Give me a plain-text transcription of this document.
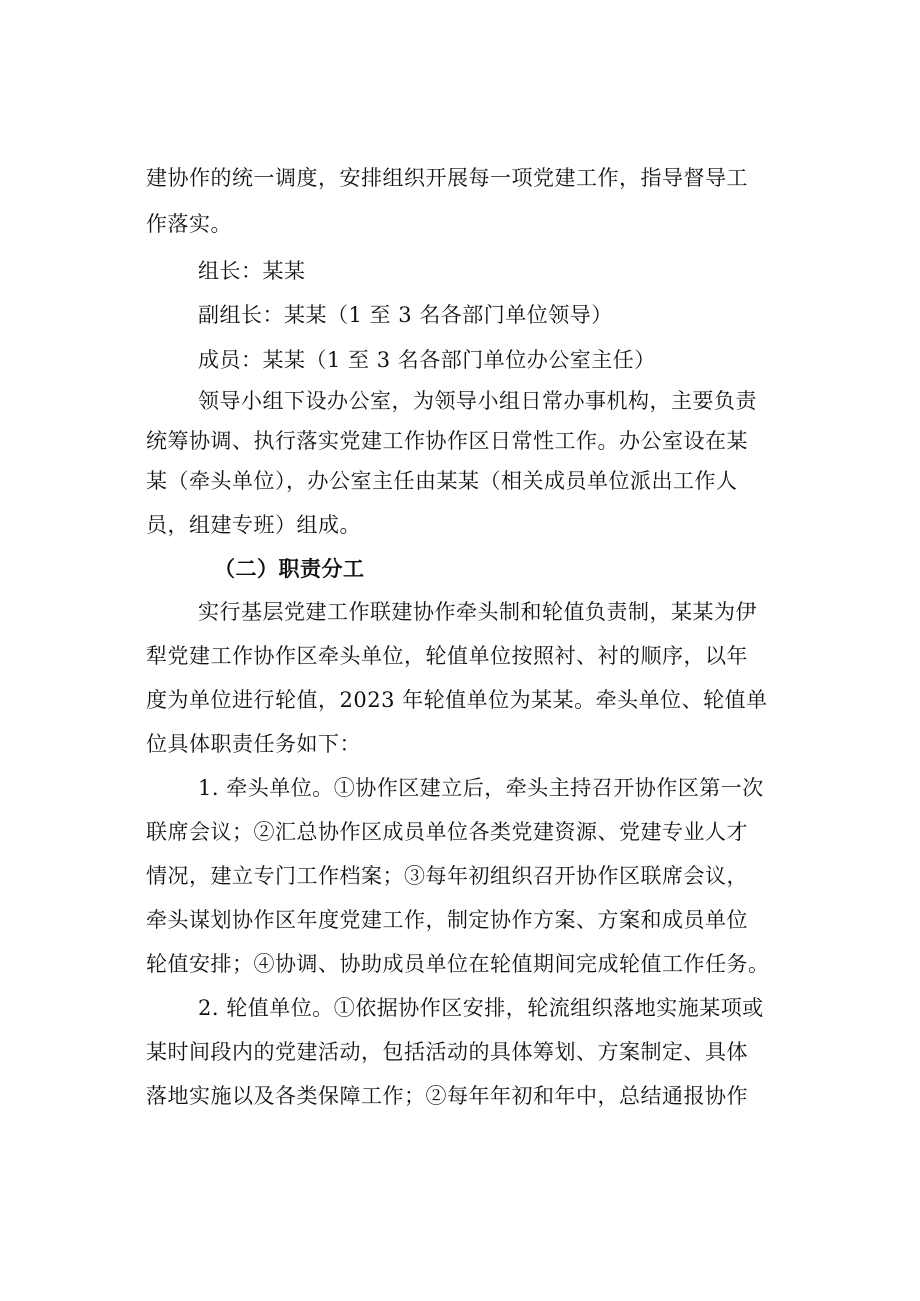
建协作的统一调度，安排组织开展每一项党建工作，指导督导工
作落实。
组长：某某
副组长：某某（1 至 3 名各部门单位领导）
成员：某某（1 至 3 名各部门单位办公室主任）
领导小组下设办公室，为领导小组日常办事机构，主要负责
统筹协调、执行落实党建工作协作区日常性工作。办公室设在某
某（牵头单位），办公室主任由某某（相关成员单位派出工作人
员，组建专班）组成。
（二）职责分工
实行基层党建工作联建协作牵头制和轮值负责制，某某为伊
犁党建工作协作区牵头单位，轮值单位按照衬、衬的顺序，以年
度为单位进行轮值，2023 年轮值单位为某某。牵头单位、轮值单
位具体职责任务如下：
1. 牵头单位。①协作区建立后，牵头主持召开协作区第一次
联席会议；②汇总协作区成员单位各类党建资源、党建专业人才
情况，建立专门工作档案；③每年初组织召开协作区联席会议，
牵头谋划协作区年度党建工作，制定协作方案、方案和成员单位
轮值安排；④协调、协助成员单位在轮值期间完成轮值工作任务。
2. 轮值单位。①依据协作区安排，轮流组织落地实施某项或
某时间段内的党建活动，包括活动的具体筹划、方案制定、具体
落地实施以及各类保障工作；②每年年初和年中，总结通报协作
